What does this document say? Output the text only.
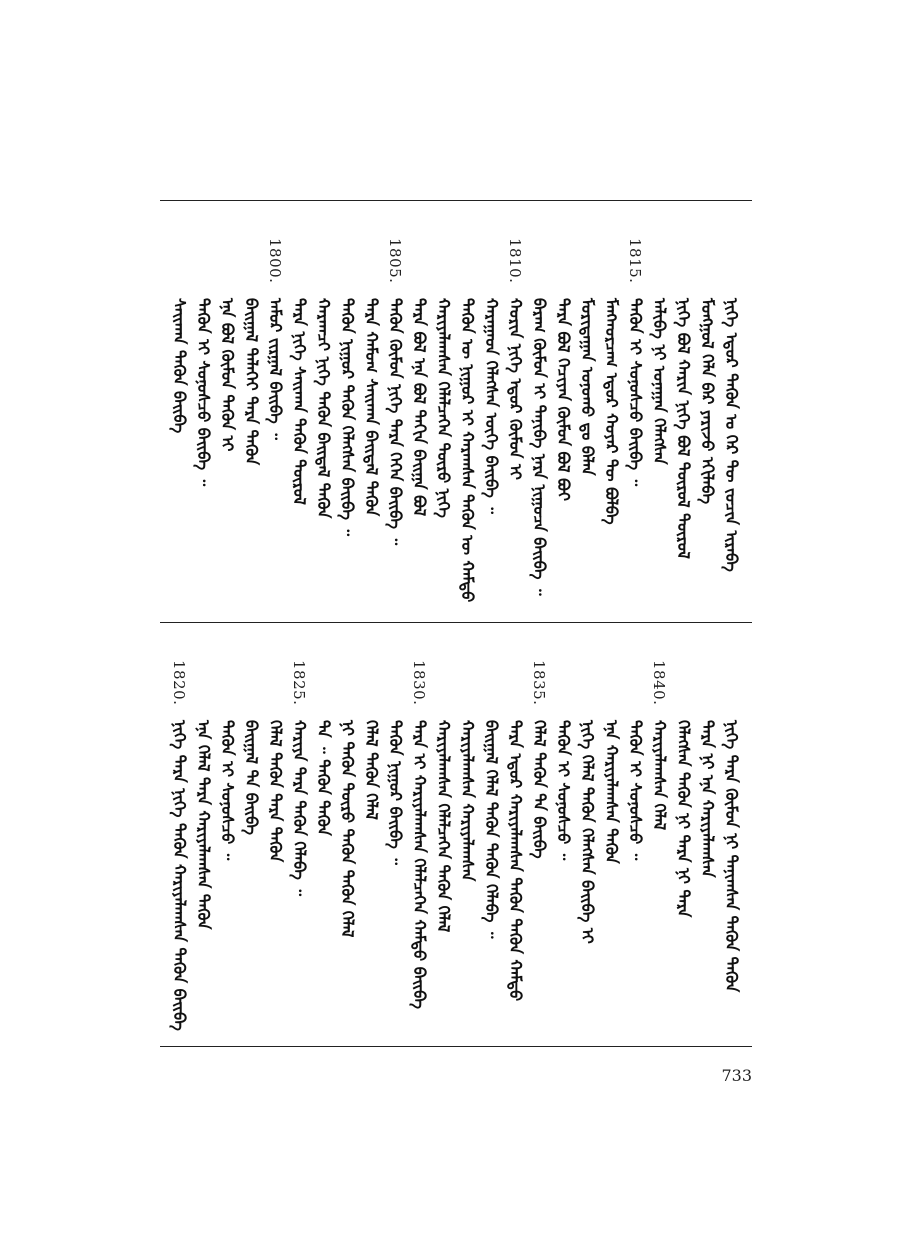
ᠨᠢᠭᠡ ᠡᠳᠦᠷ ᠲᠡᠭᠦᠨ ᠤ ᠭᠡᠷ ᠲᠦ ᠵᠣᠴᠢᠨ ᠢᠷᠡᠪᠡ
ᠮᠣᠩᠭᠣᠯ ᠬᠡᠯᠡ ᠪᠡᠷ ᠶᠠᠷᠢᠵᠤ ᠡᠬᠢᠯᠡᠪᠡ
ᠨᠢᠭᠡ ᠪᠣᠯ ᠬᠠᠷᠢᠨ ᠨᠢᠭᠡ ᠪᠣᠯ ᠲᠥᠷᠥᠯ ᠲᠥᠷᠥᠯ
ᠠᠯᠢᠪᠠ ᠨᠢ ᠤᠨᠠᠭᠠᠨ ᠬᠡᠯᠡᠭᠰᠡᠨ
1815.
ᠲᠡᠭᠦᠨ ᠢ ᠰᠣᠨᠤᠰᠴᠤ ᠪᠠᠢᠪᠠ ᠃
ᠮᠠᠩᠬᠤᠷᠴᠠᠭ ᠡᠳᠦᠷ ᠬᠣᠶᠠᠷ ᠲᠦ ᠪᠣᠯᠪᠠ
ᠮᠣᠷᠢᠳᠠᠭᠠᠨ ᠤᠨᠤᠬᠤ ᠳᠤ ᠪᠡᠯᠡᠨ
ᠲᠡᠷᠡ ᠪᠣᠯ ᠬᠡᠴᠢᠶᠡᠨ ᠬᠦᠮᠦᠨ ᠪᠣᠯ ᠪᠤᠢ
ᠪᠠᠷᠠᠭ ᠬᠦᠮᠦᠨ ᠢ ᠲᠠᠨᠢᠪᠠ ᠨᠡᠷᠡ ᠨᠢᠭᠤᠴᠠ ᠪᠠᠢᠪᠠ ᠃
1810.
ᠬᠣᠷᠢᠨ ᠨᠢᠭᠡ ᠡᠳᠦᠷ ᠬᠦᠮᠦᠨ ᠢ
ᠬᠠᠷᠠᠭᠠᠳ ᠬᠡᠯᠡᠭᠰᠡᠨ ᠦᠭᠡ ᠪᠠᠢᠪᠠ ᠃
ᠲᠡᠭᠦᠨ ᠦ ᠨᠢᠭᠤᠷ ᠢ ᠬᠠᠷᠠᠭᠰᠠᠨ ᠲᠡᠭᠦᠨ ᠦ ᠬᠠᠮᠲᠤ
ᠬᠠᠷᠢᠶᠠᠯᠠᠭᠰᠠᠨ ᠬᠡᠯᠡᠯᠴᠡᠭᠡᠨ ᠲᠥᠷᠥ ᠨᠢᠭᠡ
ᠲᠡᠷᠡ ᠪᠣᠯ ᠡᠨᠡ ᠪᠣᠯ ᠳᠠᠬᠢᠨ ᠪᠠᠢᠭᠠ ᠪᠣᠯ
1805.
ᠲᠡᠭᠦᠨ ᠬᠦᠮᠦᠨ ᠨᠢᠭᠡ ᠲᠡᠷᠡ ᠭᠡᠭᠡᠨ ᠪᠠᠢᠪᠠ ᠃
ᠲᠡᠷᠡ ᠬᠠᠮᠤᠭ ᠰᠠᠢᠬᠠᠨ ᠪᠠᠢᠳᠠᠯ ᠲᠡᠭᠦᠨ
ᠲᠡᠭᠦᠨ ᠨᠢᠭᠤᠷ ᠲᠡᠭᠦᠨ ᠬᠡᠯᠡᠭᠰᠡᠨ ᠪᠠᠢᠪᠠ ᠃
ᠬᠠᠷᠠᠭᠴᠢ ᠨᠢᠭᠡ ᠲᠡᠭᠦᠨ ᠪᠠᠢᠳᠠᠯ ᠲᠡᠭᠦᠨ
ᠲᠡᠷᠡ ᠨᠢᠭᠡ ᠰᠠᠢᠬᠠᠨ ᠲᠡᠭᠦᠨ ᠲᠥᠷᠥᠯ
1800.
ᠠᠮᠤᠷ ᠵᠢᠷᠭᠠᠯ ᠪᠠᠢᠪᠠ ᠃
ᠪᠠᠢᠭᠠᠯ ᠳᠡᠯᠡᠬᠡᠢ ᠲᠡᠷᠡ ᠲᠡᠭᠦᠨ
ᠡᠨᠡ ᠪᠣᠯ ᠬᠦᠮᠦᠨ ᠲᠡᠭᠦᠨ ᠢ
ᠲᠡᠭᠦᠨ ᠢ ᠰᠣᠨᠤᠰᠴᠤ ᠪᠠᠢᠪᠠ ᠃
ᠰᠠᠢᠬᠠᠨ ᠲᠡᠭᠦᠨ ᠪᠠᠢᠪᠠ
ᠨᠢᠭᠡ ᠲᠡᠷᠡ ᠬᠦᠮᠦᠨ ᠨᠢ ᠲᠠᠨᠢᠭᠰᠠᠨ ᠲᠡᠭᠦᠨ ᠲᠡᠭᠦᠨ
ᠲᠡᠷᠡ ᠨᠢ ᠡᠨᠡ ᠬᠠᠷᠢᠶᠠᠯᠠᠭᠰᠠᠨ
ᠬᠡᠯᠡᠭᠰᠡᠨ ᠲᠡᠭᠦᠨ ᠨᠢ ᠲᠡᠷᠡ ᠨᠢ ᠲᠡᠷᠡ
1840.
ᠬᠠᠷᠢᠶᠠᠯᠠᠭᠰᠠᠨ ᠬᠡᠯᠡᠯ
ᠲᠡᠭᠦᠨ ᠢ ᠰᠣᠨᠤᠰᠴᠤ ᠃
ᠡᠨᠡ ᠬᠠᠷᠢᠶᠠᠯᠠᠭᠰᠠᠨ ᠲᠡᠭᠦᠨ
ᠨᠢᠭᠡ ᠬᠡᠯᠡᠯ ᠲᠡᠭᠦᠨ ᠬᠡᠯᠡᠭᠰᠡᠨ ᠪᠠᠢᠪᠠ ᠢ
ᠲᠡᠭᠦᠨ ᠢ ᠰᠣᠨᠤᠰᠴᠤ ᠃
1835.
ᠬᠡᠯᠡᠯ ᠲᠡᠭᠦᠨ ᠲᠡ ᠪᠠᠢᠪᠠ
ᠲᠡᠷᠡ ᠡᠳᠦᠷ ᠬᠠᠷᠢᠶᠠᠯᠠᠭᠰᠠᠨ ᠲᠡᠭᠦᠨ ᠲᠡᠭᠦᠨ ᠬᠠᠮᠲᠤ
ᠪᠠᠢᠭᠠᠯ ᠬᠡᠯᠡᠯ ᠲᠡᠭᠦᠨ ᠲᠡᠭᠦᠨ ᠬᠡᠯᠡᠪᠡ ᠃
ᠬᠠᠷᠢᠶᠠᠯᠠᠭᠰᠠᠨ ᠬᠠᠷᠢᠶᠠᠯᠠᠭᠰᠠᠨ
ᠬᠠᠷᠢᠶᠠᠯᠠᠭᠰᠠᠨ ᠬᠡᠯᠡᠯᠴᠡᠭᠡᠨ ᠲᠡᠭᠦᠨ ᠬᠡᠯᠡᠯ
1830.
ᠲᠡᠷᠡ ᠢ ᠬᠠᠷᠢᠶᠠᠯᠠᠭᠰᠠᠨ ᠬᠡᠯᠡᠯᠴᠡᠭᠡᠨ ᠬᠠᠮᠲᠤ ᠪᠠᠢᠪᠠ
ᠲᠡᠭᠦᠨ ᠨᠢᠭᠤᠷ ᠪᠠᠢᠪᠠ ᠃
ᠬᠡᠯᠡᠯ ᠲᠡᠭᠦᠨ ᠬᠡᠯᠡᠯ
ᠨᠢ ᠲᠡᠭᠦᠨ ᠲᠥᠷᠥ ᠲᠡᠭᠦᠨ ᠲᠡᠭᠦᠨ ᠬᠡᠯᠡᠯ
ᠲᠡ ᠃ ᠲᠡᠭᠦᠨ ᠲᠡᠭᠦᠨ
1825.
ᠬᠠᠷᠢᠶᠠ ᠲᠡᠷᠡ ᠲᠡᠭᠦᠨ ᠬᠡᠯᠡᠪᠡ ᠃
ᠬᠡᠯᠡᠯ ᠲᠡᠭᠦᠨ ᠲᠡᠷᠡ ᠲᠡᠭᠦᠨ
ᠪᠠᠢᠭᠠᠯ ᠲᠡ ᠪᠠᠢᠪᠠ
ᠲᠡᠭᠦᠨ ᠢ ᠰᠣᠨᠤᠰᠴᠤ ᠃
ᠡᠨᠡ ᠬᠡᠯᠡᠯ ᠲᠡᠷᠡ ᠬᠠᠷᠢᠶᠠᠯᠠᠭᠰᠠᠨ ᠲᠡᠭᠦᠨ
1820.
ᠨᠢᠭᠡ ᠲᠡᠷᠡ ᠨᠢᠭᠡ ᠲᠡᠭᠦᠨ ᠬᠠᠷᠢᠶᠠᠯᠠᠭᠰᠠᠨ ᠲᠡᠭᠦᠨ ᠪᠠᠢᠪᠠ
733
